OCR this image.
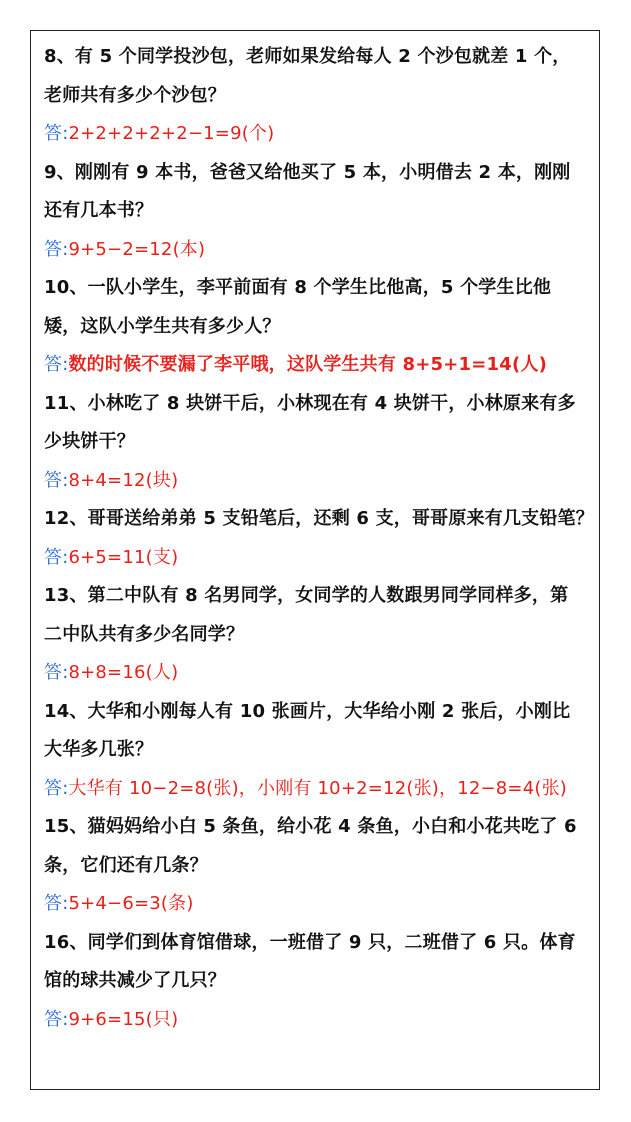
8、有 5 个同学投沙包，老师如果发给每人 2 个沙包就差 1 个，
老师共有多少个沙包？
答:2+2+2+2+2−1=9(个)
9、刚刚有 9 本书，爸爸又给他买了 5 本，小明借去 2 本，刚刚
还有几本书？
答:9+5−2=12(本)
10、一队小学生，李平前面有 8 个学生比他高，5 个学生比他
矮，这队小学生共有多少人？
答:数的时候不要漏了李平哦，这队学生共有 8+5+1=14(人)
11、小林吃了 8 块饼干后，小林现在有 4 块饼干，小林原来有多
少块饼干？
答:8+4=12(块)
12、哥哥送给弟弟 5 支铅笔后，还剩 6 支，哥哥原来有几支铅笔？
答:6+5=11(支)
13、第二中队有 8 名男同学，女同学的人数跟男同学同样多，第
二中队共有多少名同学？
答:8+8=16(人)
14、大华和小刚每人有 10 张画片，大华给小刚 2 张后，小刚比
大华多几张？
答:大华有 10−2=8(张)，小刚有 10+2=12(张)，12−8=4(张)
15、猫妈妈给小白 5 条鱼，给小花 4 条鱼，小白和小花共吃了 6
条，它们还有几条？
答:5+4−6=3(条)
16、同学们到体育馆借球，一班借了 9 只，二班借了 6 只。体育
馆的球共减少了几只？
答:9+6=15(只)
